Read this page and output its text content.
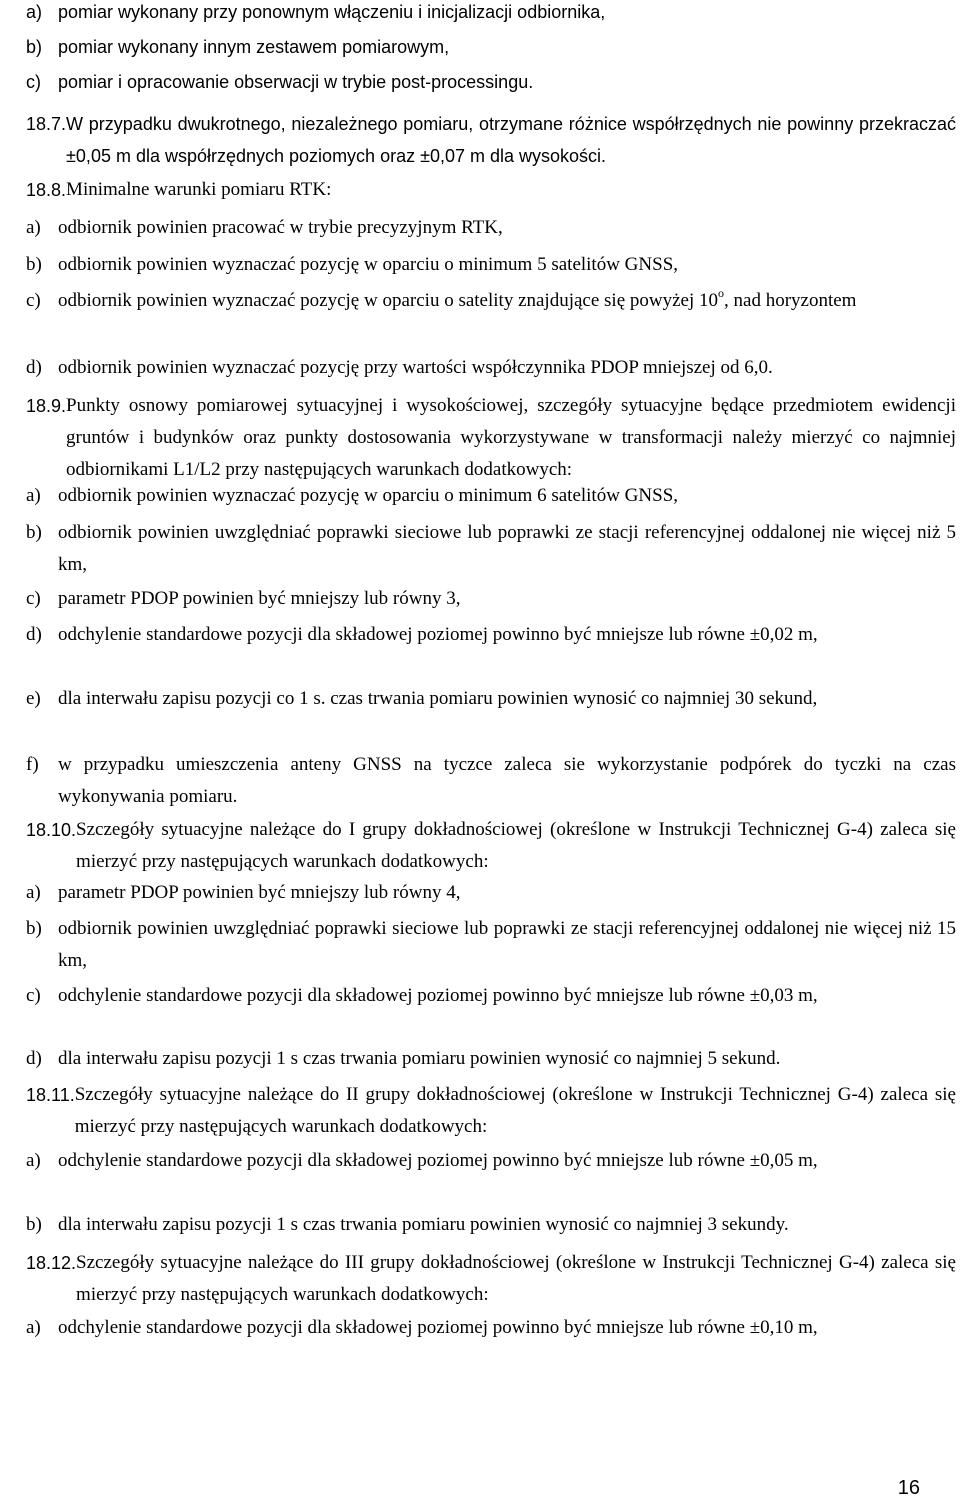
a) pomiar wykonany przy ponownym włączeniu i inicjalizacji odbiornika,
b) pomiar wykonany innym zestawem pomiarowym,
c) pomiar i opracowanie obserwacji w trybie post-processingu.
18.7. W przypadku dwukrotnego, niezależnego pomiaru, otrzymane różnice współrzędnych nie powinny przekraczać ±0,05 m dla współrzędnych poziomych oraz ±0,07 m dla wysokości.
18.8. Minimalne warunki pomiaru RTK:
a) odbiornik powinien pracować w trybie precyzyjnym RTK,
b) odbiornik powinien wyznaczać pozycję w oparciu o minimum 5 satelitów GNSS,
c) odbiornik powinien wyznaczać pozycję w oparciu o satelity znajdujące się powyżej 10$^o$, nad horyzontem
d) odbiornik powinien wyznaczać pozycję przy wartości współczynnika PDOP mniejszej od 6,0.
18.9. Punkty osnowy pomiarowej sytuacyjnej i wysokościowej, szczegóły sytuacyjne będące przedmiotem ewidencji gruntów i budynków oraz punkty dostosowania wykorzystywane w transformacji należy mierzyć co najmniej odbiornikami L1/L2 przy następujących warunkach dodatkowych:
a) odbiornik powinien wyznaczać pozycję w oparciu o minimum 6 satelitów GNSS,
b) odbiornik powinien uwzględniać poprawki sieciowe lub poprawki ze stacji referencyjnej oddalonej nie więcej niż 5 km,
c) parametr PDOP powinien być mniejszy lub równy 3,
d) odchylenie standardowe pozycji dla składowej poziomej powinno być mniejsze lub równe ±0,02 m,
e) dla interwału zapisu pozycji co 1 s. czas trwania pomiaru powinien wynosić co najmniej 30 sekund,
f)	w przypadku umieszczenia anteny GNSS na tyczce zaleca sie wykorzystanie podpórek do tyczki na czas wykonywania pomiaru.
18.10. Szczegóły sytuacyjne należące do I grupy dokładnościowej (określone w Instrukcji Technicznej G-4) zaleca się mierzyć przy następujących warunkach dodatkowych:
a) parametr PDOP powinien być mniejszy lub równy 4,
b) odbiornik powinien uwzględniać poprawki sieciowe lub poprawki ze stacji referencyjnej oddalonej nie więcej niż 15 km,
c) odchylenie standardowe pozycji dla składowej poziomej powinno być mniejsze lub równe ±0,03 m,
d) dla interwału zapisu pozycji 1 s czas trwania pomiaru powinien wynosić co najmniej 5 sekund.
18.11. Szczegóły sytuacyjne należące do II grupy dokładnościowej (określone w Instrukcji Technicznej G-4) zaleca się mierzyć przy następujących warunkach dodatkowych:
a) odchylenie standardowe pozycji dla składowej poziomej powinno być mniejsze lub równe ±0,05 m,
b) dla interwału zapisu pozycji 1 s czas trwania pomiaru powinien wynosić co najmniej 3 sekundy.
18.12. Szczegóły sytuacyjne należące do III grupy dokładnościowej (określone w Instrukcji Technicznej G-4) zaleca się mierzyć przy następujących warunkach dodatkowych:
a) odchylenie standardowe pozycji dla składowej poziomej powinno być mniejsze lub równe ±0,10 m,
16
